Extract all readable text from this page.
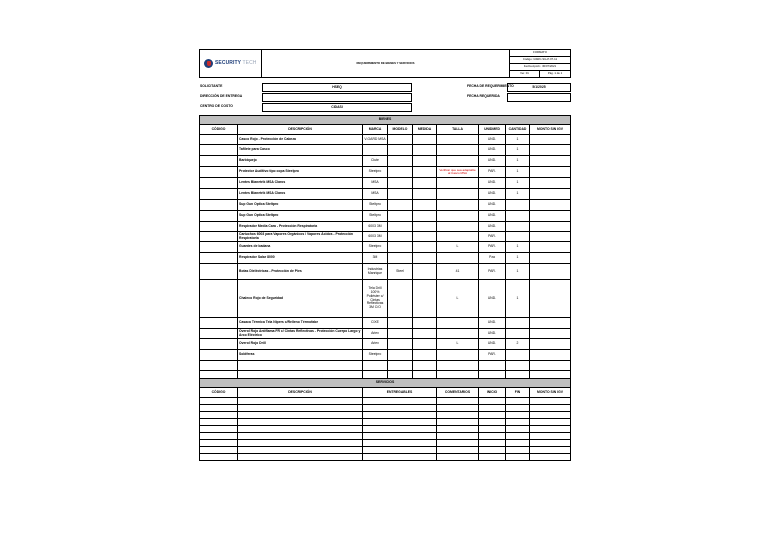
SECURITY TECH	REQUERIMIENTO DE BIENES Y SERVICIOS	FORMATO	
		Código: GSRC-SG-P-07-11	
		Fecha Aprob.: 30/07/2021	
		Ver. 01	Pág. 1 de 1
SOLICITANTE	HSEQ	FECHA DE REQUERIMIENTO	5/1/2025
DIRECCIÓN DE ENTREGA	FECHA REQUERIDA
CENTRO DE COSTO	CIDASI
BIENES								
CÓDIGO	DESCRIPCIÓN	MARCA	MODELO	MEDIDA	TALLA	UNIDMED	CANTIDAD	MONTO SIN IGV
	Casco Rojo - Protección de Cabeza	V-GARD MSA				UND.	1	
	Tafilete para Casco					UND.	1	
	Barbiquejo	Clute				UND.	1	
	Protector Auditivo tipo copa Steelpro	Steelpro			Verificar que sea adaptable al Casco MSA	PAR.	1	
	Lentes Blanetrik MSA Claros	MSA				UND.	1	
	Lentes Blanetrik MSA Claros	MSA				UND.	1	
	Sup Gun Optica Steltpro	Steltpro				UND.		
	Sup Gun Optica Steltpro	Steltpro				UND.		
	Respirador Media Cara - Protección Respiratoria	6003 3M				UND.		
	Cartuchos 6003 para Vapores Orgánicos / Vapores Ácidos - Protección Respiratoria	6003 3M				PAR.		
	Guantes de badana	Steelpro			L	PAR.	1	
	Respirador Salar 8000	3M				Pza	1	
	Botas Dieléctricas - Protección de Pies	Industrias Manrique	Steel		41	PAR.	1	
	Chaleco Rojo de Seguridad	Tela Drill 100% Poliéster c/ Cintas Reflectivas 3M C/O			L	UND.	1	
	Casaca Térmica Tela Nipers c/Relleno Térmofabe	CIXE				UND.		
	Overol Rojo Antiflama FR c/ Cintas Reflectivas - Protección Cuerpo Largo y Arco Eléctrico	Ariex				UND.		
	Overol Rojo Drill	Ariex			L	UND.	2	
	Soldferas	Steelpro				PAR.		

SERVICIOS								
CÓDIGO	DESCRIPCIÓN	ENTREGABLES			COMENTARIOS	INICIO	FIN	MONTO SIN IGV
